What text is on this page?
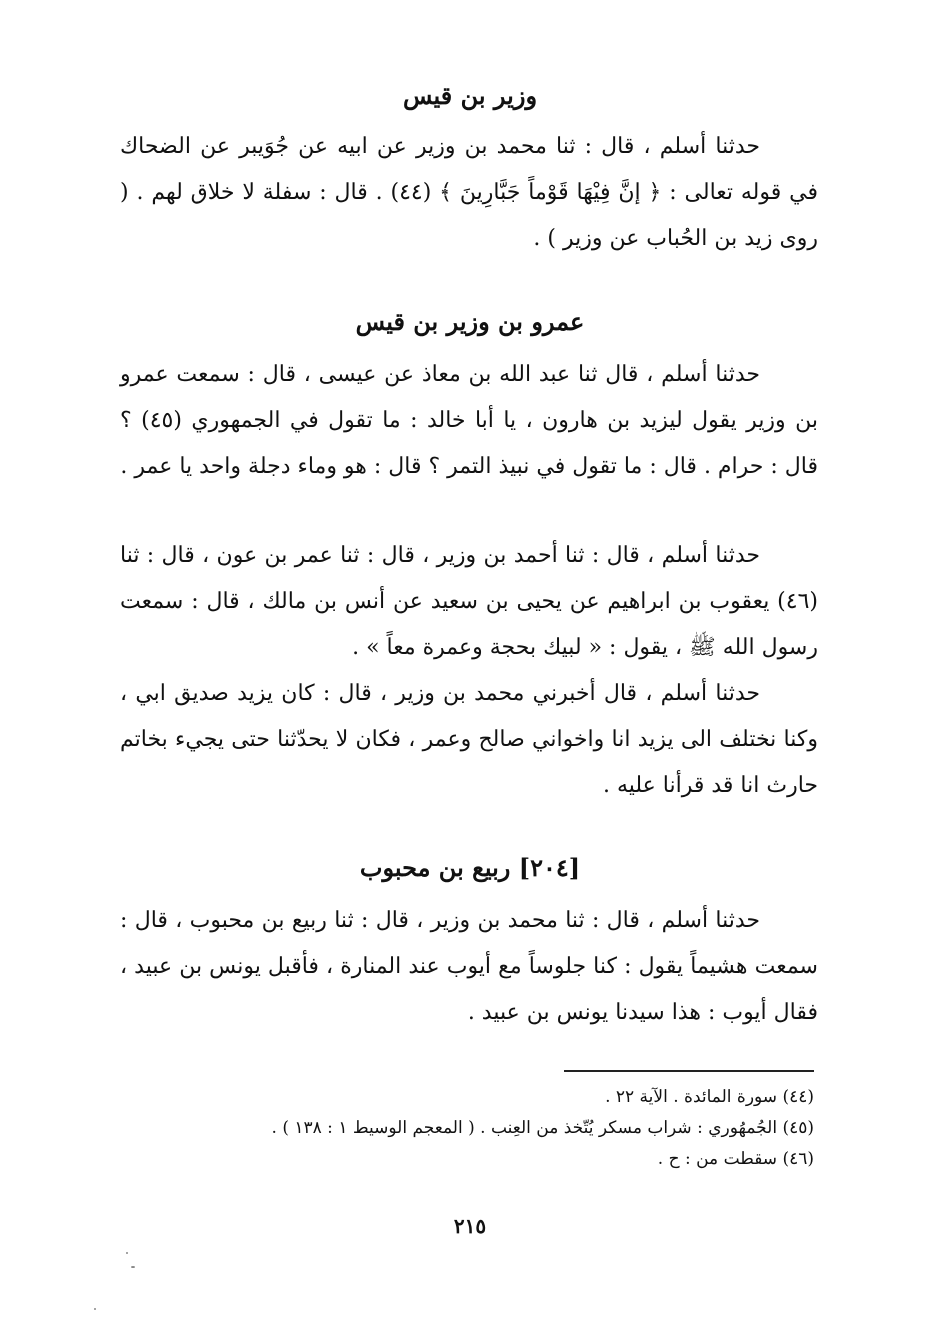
وزير بن قيس
حدثنا أسلم ، قال : ثنا محمد بن وزير عن ابيه عن جُوَيبر عن الضحاك في قوله تعالى : ﴿ إنَّ فِيْهَا قَوْماً جَبَّارِينَ ﴾ (٤٤) . قال : سفلة لا خلاق لهم . ( روى زيد بن الحُباب عن وزير ) .
عمرو بن وزير بن قيس
حدثنا أسلم ، قال ثنا عبد الله بن معاذ عن عيسى ، قال : سمعت عمرو بن وزير يقول ليزيد بن هارون ، يا أبا خالد : ما تقول في الجمهوري (٤٥) ؟ قال : حرام . قال : ما تقول في نبيذ التمر ؟ قال : هو وماء دجلة واحد يا عمر .
حدثنا أسلم ، قال : ثنا أحمد بن وزير ، قال : ثنا عمر بن عون ، قال : ثنا (٤٦) يعقوب بن ابراهيم عن يحيى بن سعيد عن أنس بن مالك ، قال : سمعت رسول الله ﷺ ، يقول : « لبيك بحجة وعمرة معاً » .
حدثنا أسلم ، قال أخبرني محمد بن وزير ، قال : كان يزيد صديق ابي ، وكنا نختلف الى يزيد انا واخواني صالح وعمر ، فكان لا يحدّثنا حتى يجيء بخاتم حارث انا قد قرأنا عليه .
[٢٠٤] ربيع بن محبوب
حدثنا أسلم ، قال : ثنا محمد بن وزير ، قال : ثنا ربيع بن محبوب ، قال : سمعت هشيماً يقول : كنا جلوساً مع أيوب عند المنارة ، فأقبل يونس بن عبيد ، فقال أيوب : هذا سيدنا يونس بن عبيد .
(٤٤) سورة المائدة . الآية ٢٢ .
(٤٥) الجُمهُوري : شراب مسكر يُتّخذ من العِنب . ( المعجم الوسيط ١ : ١٣٨ ) .
(٤٦) سقطت من : ح .
٢١٥
